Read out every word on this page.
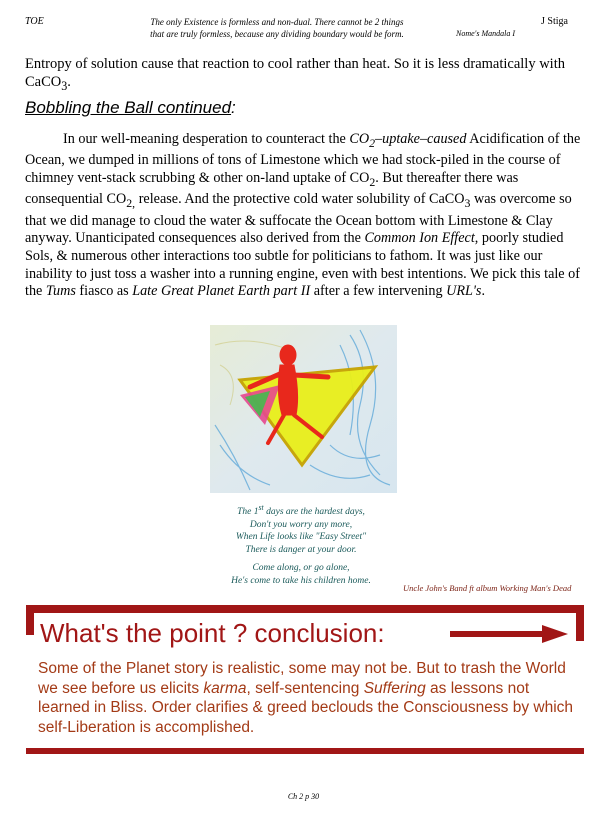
TOE	The only Existence is formless and non-dual. There cannot be 2 things
that are truly formless, because any dividing boundary would be form.	Nome's Mandala I
J Stiga

Entropy of solution cause that reaction to cool rather than heat. So it is less dramatically with CaCO$_3$.

Bobbling the Ball continued:

In our well-meaning desperation to counteract the $CO_2-uptake$–caused Acidification of the Ocean, we dumped in millions of tons of Limestone which we had stock-piled in the course of chimney vent-stack scrubbing & other on-land uptake of $CO_2$. But thereafter there was consequential $CO_{2,}$ release. And the protective cold water solubility of CaCO$_3$ was overcome so that we did manage to cloud the water & suffocate the Ocean bottom with Limestone & Clay anyway. Unanticipated consequences also derived from the Common Ion Effect, poorly studied Sols, & numerous other interactions too subtle for politicians to fathom. It was just like our inability to just toss a washer into a running engine, even with best intentions. We pick this tale of the Tums fiasco as Late Great Planet Earth part II after a few intervening URL's.

The 1st days are the hardest days,
Don't you worry any more,
When Life looks like "Easy Street"
There is danger at your door.
Come along, or go alone,
He's come to take his children home.
Uncle John's Band ft album Working Man's Dead
What's the point ? conclusion:

Some of the Planet story is realistic, some may not be. But to trash the World we see before us elicits karma, self-sentencing Suffering as lessons not learned in Bliss. Order clarifies & greed beclouds the Consciousness by which self-Liberation is accomplished.

Ch 2 p 30
